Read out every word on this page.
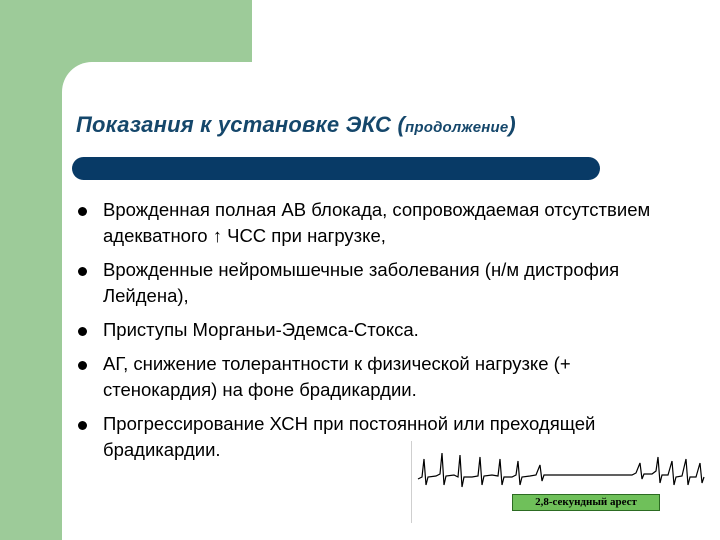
Показания к установке ЭКС (продолжение)
Врожденная полная АВ блокада, сопровождаемая отсутствием адекватного ↑ ЧСС при нагрузке,
Врожденные нейромышечные заболевания (н/м дистрофия Лейдена),
Приступы Морганьи-Эдемса-Стокса.
АГ, снижение толерантности к физической нагрузке (+ стенокардия) на фоне брадикардии.
Прогрессирование ХСН при постоянной или преходящей брадикардии.
2,8-секундный арест
